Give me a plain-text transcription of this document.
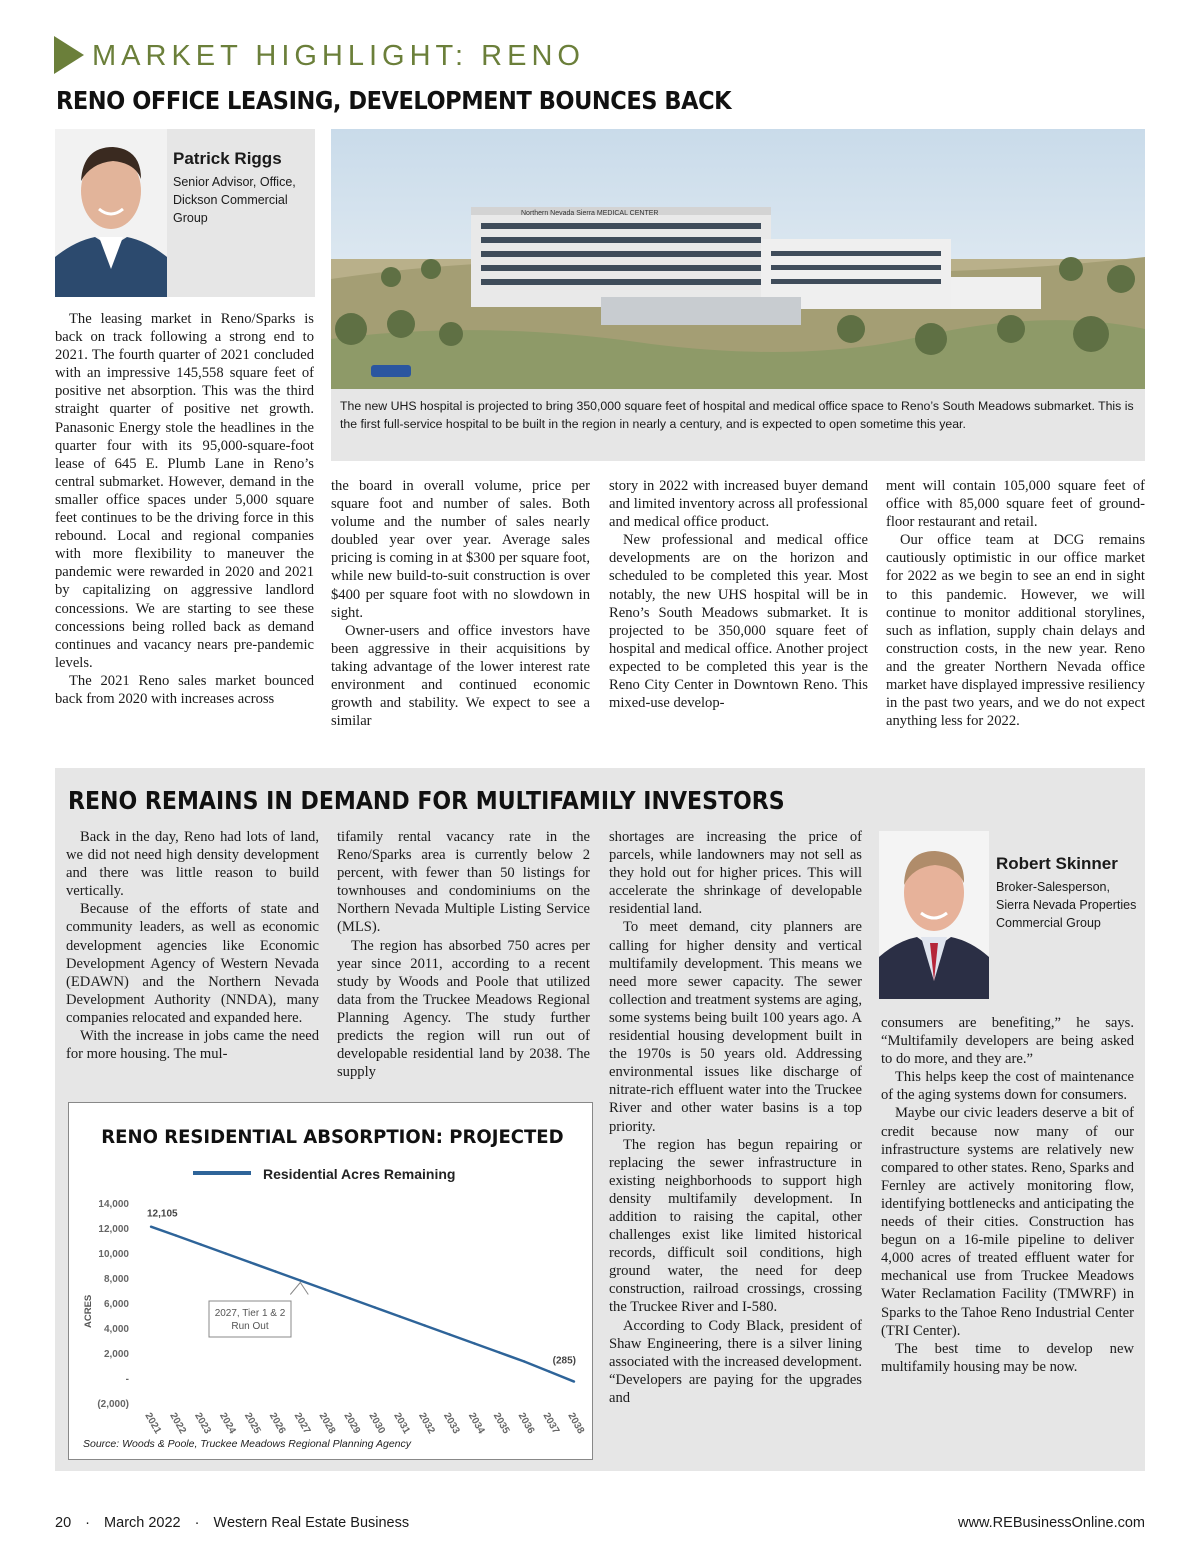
MARKET HIGHLIGHT: RENO
RENO OFFICE LEASING, DEVELOPMENT BOUNCES BACK
Patrick Riggs
Senior Advisor, Office,
Dickson Commercial
Group	Northern Nevada Sierra MEDICAL CENTER
The new UHS hospital is projected to bring 350,000 square feet of hospital and medical office space to Reno’s South Meadows submarket. This is the first full-service hospital to be built in the region in nearly a century, and is expected to open sometime this year.

The leasing market in Reno/Sparks is back on track following a strong end to 2021. The fourth quarter of 2021 concluded with an impressive 145,558 square feet of positive net absorption. This was the third straight quarter of positive net growth. Panasonic Energy stole the headlines in the quarter four with its 95,000-square-foot lease of 645 E. Plumb Lane in Reno’s central submarket. However, demand in the smaller office spaces under 5,000 square feet continues to be the driving force in this rebound. Local and regional companies with more flexibility to maneuver the pandemic were rewarded in 2020 and 2021 by capitalizing on aggressive landlord concessions. We are starting to see these concessions being rolled back as demand continues and vacancy nears pre-pandemic levels.

The 2021 Reno sales market bounced back from 2020 with increases across

the board in overall volume, price per square foot and number of sales. Both volume and the number of sales nearly doubled year over year. Average sales pricing is coming in at $300 per square foot, while new build-to-suit construction is over $400 per square foot with no slowdown in sight.

Owner-users and office investors have been aggressive in their acquisitions by taking advantage of the lower interest rate environment and continued economic growth and stability. We expect to see a similar

story in 2022 with increased buyer demand and limited inventory across all professional and medical office product.

New professional and medical office developments are on the horizon and scheduled to be completed this year. Most notably, the new UHS hospital will be in Reno’s South Meadows submarket. It is projected to be 350,000 square feet of hospital and medical office. Another project expected to be completed this year is the Reno City Center in Downtown Reno. This mixed-use develop-

ment will contain 105,000 square feet of office with 85,000 square feet of ground-floor restaurant and retail.

Our office team at DCG remains cautiously optimistic in our office market for 2022 as we begin to see an end in sight to this pandemic. However, we will continue to monitor additional storylines, such as inflation, supply chain delays and construction costs, in the new year. Reno and the greater Northern Nevada office market have displayed impressive resiliency in the past two years, and we do not expect anything less for 2022.

RENO REMAINS IN DEMAND FOR MULTIFAMILY INVESTORS

Back in the day, Reno had lots of land, we did not need high density development and there was little reason to build vertically.

Because of the efforts of state and community leaders, as well as economic development agencies like Economic Development Agency of Western Nevada (EDAWN) and the Northern Nevada Development Authority (NNDA), many companies relocated and expanded here.

With the increase in jobs came the need for more housing. The mul-

tifamily rental vacancy rate in the Reno/Sparks area is currently below 2 percent, with fewer than 50 listings for townhouses and condominiums on the Northern Nevada Multiple Listing Service (MLS).

The region has absorbed 750 acres per year since 2011, according to a recent study by Woods and Poole that utilized data from the Truckee Meadows Regional Planning Agency. The study further predicts the region will run out of developable residential land by 2038. The supply

shortages are increasing the price of parcels, while landowners may not sell as they hold out for higher prices. This will accelerate the shrinkage of developable residential land.

To meet demand, city planners are calling for higher density and vertical multifamily development. This means we need more sewer capacity. The sewer collection and treatment systems are aging, some systems being built 100 years ago. A residential housing development built in the 1970s is 50 years old. Addressing environmental issues like discharge of nitrate-rich effluent water into the Truckee River and other water basins is a top priority.

The region has begun repairing or replacing the sewer infrastructure in existing neighborhoods to support high density multifamily development. In addition to raising the capital, other challenges exist like limited historical records, difficult soil conditions, high ground water, the need for deep construction, railroad crossings, crossing the Truckee River and I-580.

According to Cody Black, president of Shaw Engineering, there is a silver lining associated with the increased development. “Developers are paying for the upgrades and

Robert Skinner
Broker-Salesperson,
Sierra Nevada Properties
Commercial Group

consumers are benefiting,” he says. “Multifamily developers are being asked to do more, and they are.”

This helps keep the cost of maintenance of the aging systems down for consumers.

Maybe our civic leaders deserve a bit of credit because now many of our infrastructure systems are relatively new compared to other states. Reno, Sparks and Fernley are actively monitoring flow, identifying bottlenecks and anticipating the needs of their cities. Construction has begun on a 16-mile pipeline to deliver 4,000 acres of treated effluent water for mechanical use from Truckee Meadows Water Reclamation Facility (TMWRF) in Sparks to the Tahoe Reno Industrial Center (TRI Center).

The best time to develop new multifamily housing may be now.

RENO RESIDENTIAL ABSORPTION: PROJECTED
Residential Acres Remaining
ACRES
14,000
12,000
10,000
8,000
6,000
4,000
2,000
-
(2,000)
2021 2022 2023 2024 2025 2026 2027 2028 2029 2030 2031 2032 2033 2034 2035 2036 2037 2038
12,105
(285)
2027, Tier 1 & 2
Run Out
Source: Woods & Poole, Truckee Meadows Regional Planning Agency
20 · March 2022 · Western Real Estate Business	www.REBusinessOnline.com
